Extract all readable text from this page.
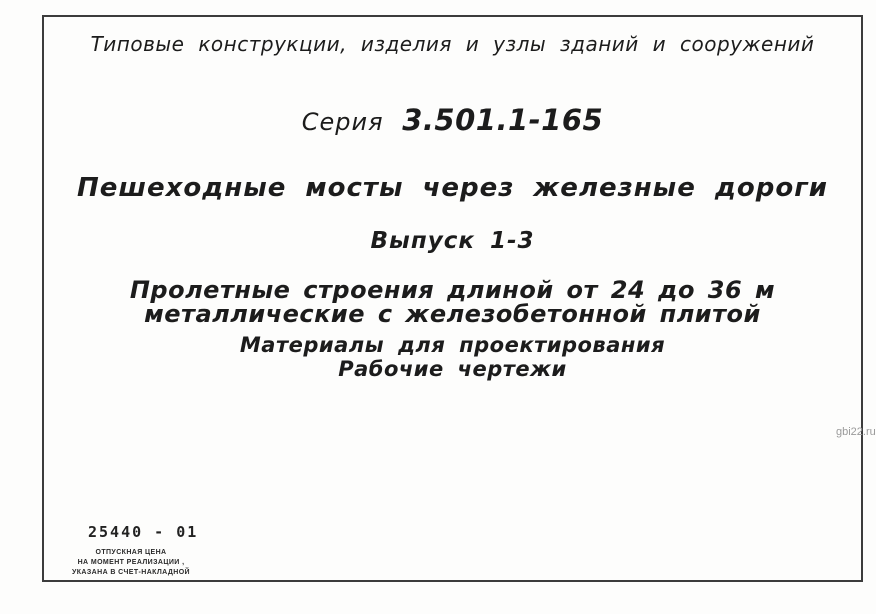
Типовые конструкции, изделия и узлы зданий и сооружений
Серия 3.501.1-165
Пешеходные мосты через железные дороги
Выпуск 1-3
Пролетные строения длиной от 24 до 36 м
металлические с железобетонной плитой
Материалы для проектирования
Рабочие чертежи
25440 - 01
ОТПУСКНАЯ ЦЕНА
НА МОМЕНТ РЕАЛИЗАЦИИ ,
УКАЗАНА В СЧЕТ-НАКЛАДНОЙ
gbi22.ru
